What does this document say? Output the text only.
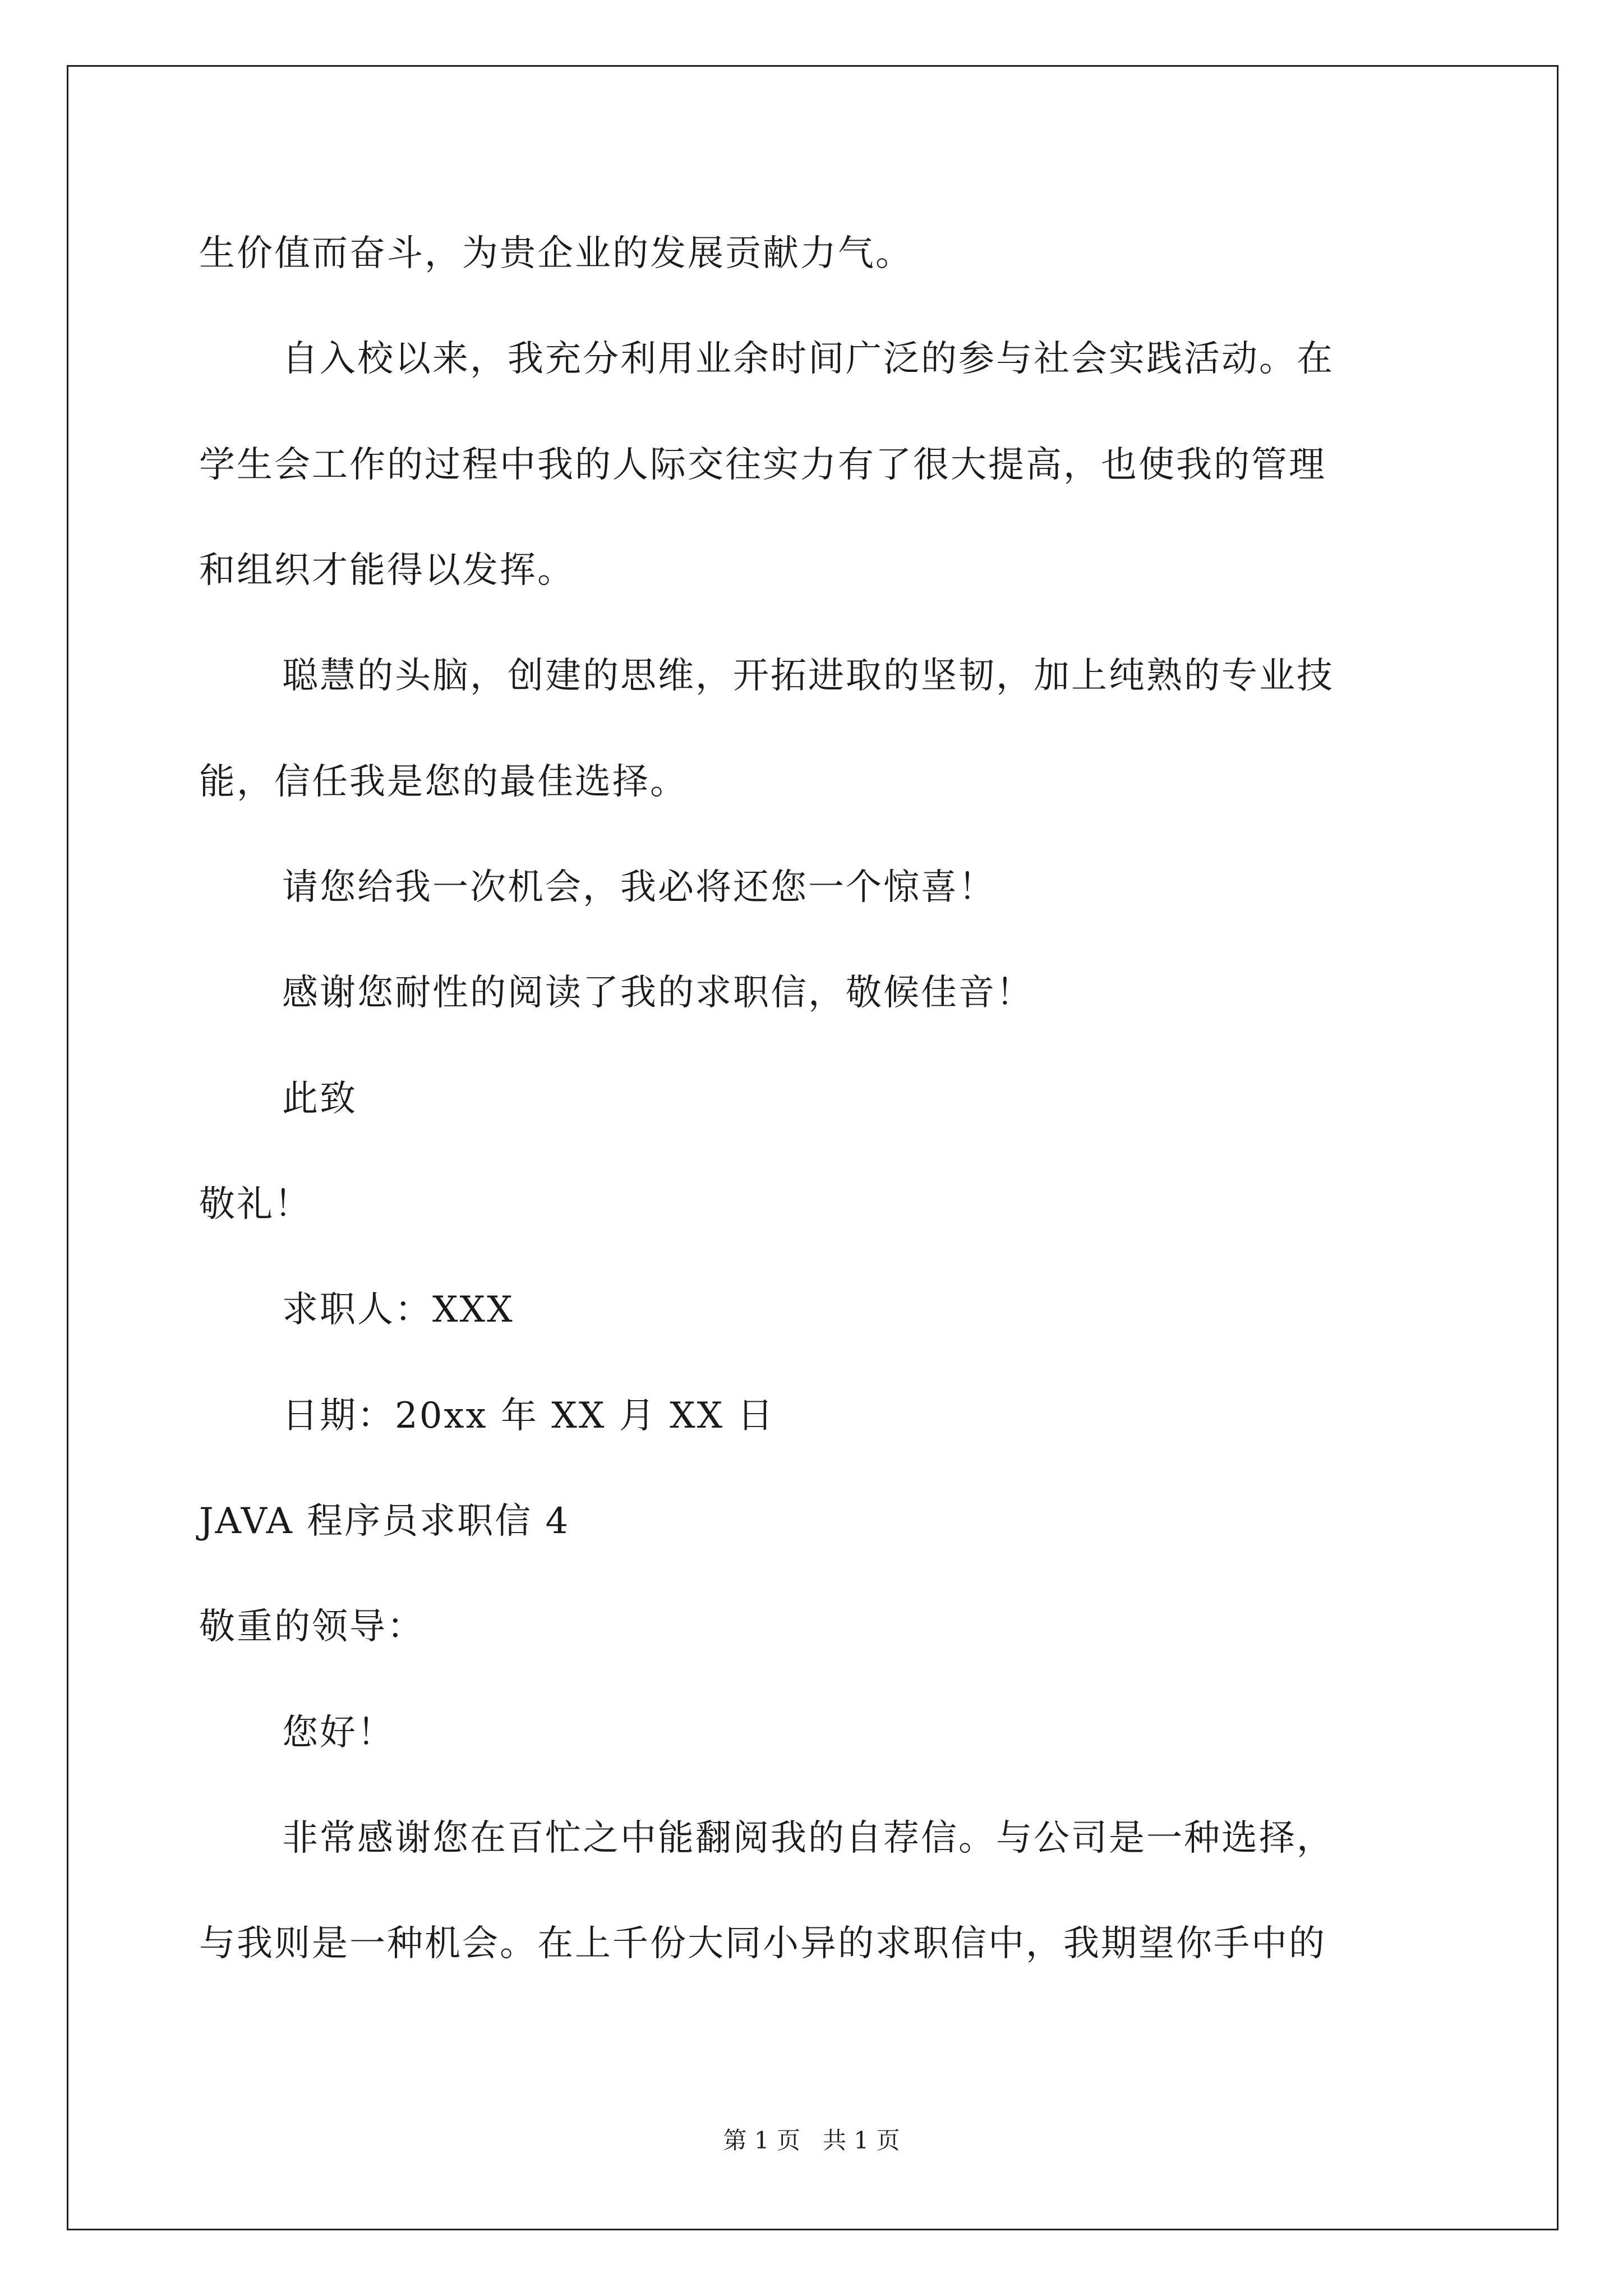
生价值而奋斗，为贵企业的发展贡献力气。
自入校以来，我充分利用业余时间广泛的参与社会实践活动。在
学生会工作的过程中我的人际交往实力有了很大提高，也使我的管理
和组织才能得以发挥。
聪慧的头脑，创建的思维，开拓进取的坚韧，加上纯熟的专业技
能，信任我是您的最佳选择。
请您给我一次机会，我必将还您一个惊喜！
感谢您耐性的阅读了我的求职信，敬候佳音！
此致
敬礼！
求职人：XXX
日期：20xx 年 XX 月 XX 日
JAVA 程序员求职信 4
敬重的领导：
您好！
非常感谢您在百忙之中能翻阅我的自荐信。与公司是一种选择，
与我则是一种机会。在上千份大同小异的求职信中，我期望你手中的
第 1 页   共 1 页
